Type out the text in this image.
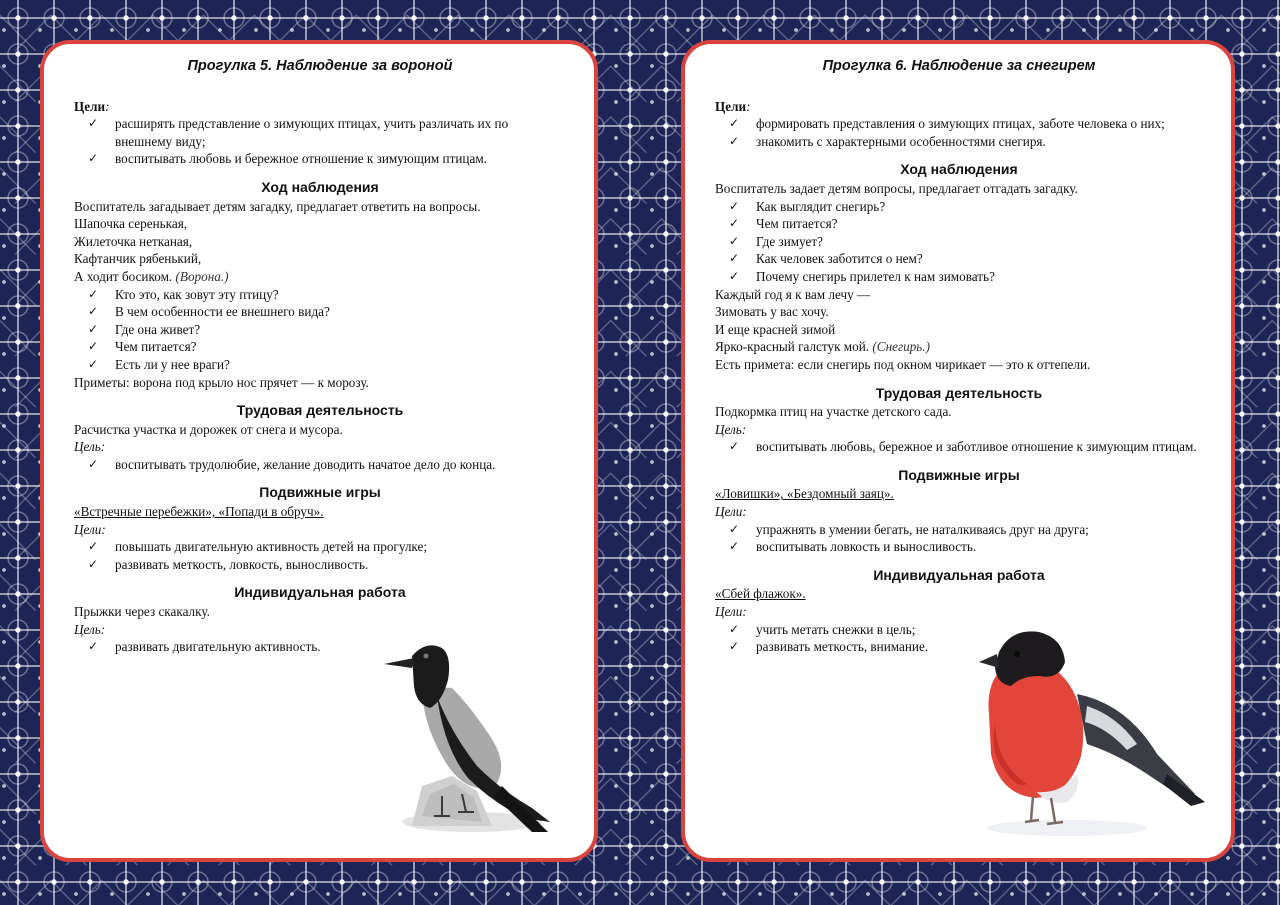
Прогулка 5. Наблюдение за вороной

Цели:

✓ расширять представление о зимующих птицах, учить различать их по внешнему виду;
✓ воспитывать любовь и бережное отношение к зимующим птицам.

Ход наблюдения

Воспитатель загадывает детям загадку, предлагает ответить на вопросы.

Шапочка серенькая,

Жилеточка нетканая,

Кафтанчик рябенький,

А ходит босиком. (Ворона.)

✓ Кто это, как зовут эту птицу?
✓ В чем особенности ее внешнего вида?
✓ Где она живет?
✓ Чем питается?
✓ Есть ли у нее враги?

Приметы: ворона под крыло нос прячет — к морозу.

Трудовая деятельность

Расчистка участка и дорожек от снега и мусора.

Цель:

✓ воспитывать трудолюбие, желание доводить начатое дело до конца.

Подвижные игры

«Встречные перебежки», «Попади в обруч».

Цели:

✓ повышать двигательную активность детей на прогулке;
✓ развивать меткость, ловкость, выносливость.

Индивидуальная работа

Прыжки через скакалку.

Цель:

✓ развивать двигательную активность.

Прогулка 6. Наблюдение за снегирем

Цели:

✓ формировать представления о зимующих птицах, заботе человека о них;
✓ знакомить с характерными особенностями снегиря.

Ход наблюдения

Воспитатель задает детям вопросы, предлагает отгадать загадку.

✓ Как выглядит снегирь?
✓ Чем питается?
✓ Где зимует?
✓ Как человек заботится о нем?
✓ Почему снегирь прилетел к нам зимовать?

Каждый год я к вам лечу —

Зимовать у вас хочу.

И еще красней зимой

Ярко-красный галстук мой. (Снегирь.)

Есть примета: если снегирь под окном чирикает — это к оттепели.

Трудовая деятельность

Подкормка птиц на участке детского сада.

Цель:

✓ воспитывать любовь, бережное и заботливое отношение к зимующим птицам.

Подвижные игры

«Ловишки», «Бездомный заяц».

Цели:

✓ упражнять в умении бегать, не наталкиваясь друг на друга;
✓ воспитывать ловкость и выносливость.

Индивидуальная работа

«Сбей флажок».

Цели:

✓ учить метать снежки в цель;
✓ развивать меткость, внимание.
